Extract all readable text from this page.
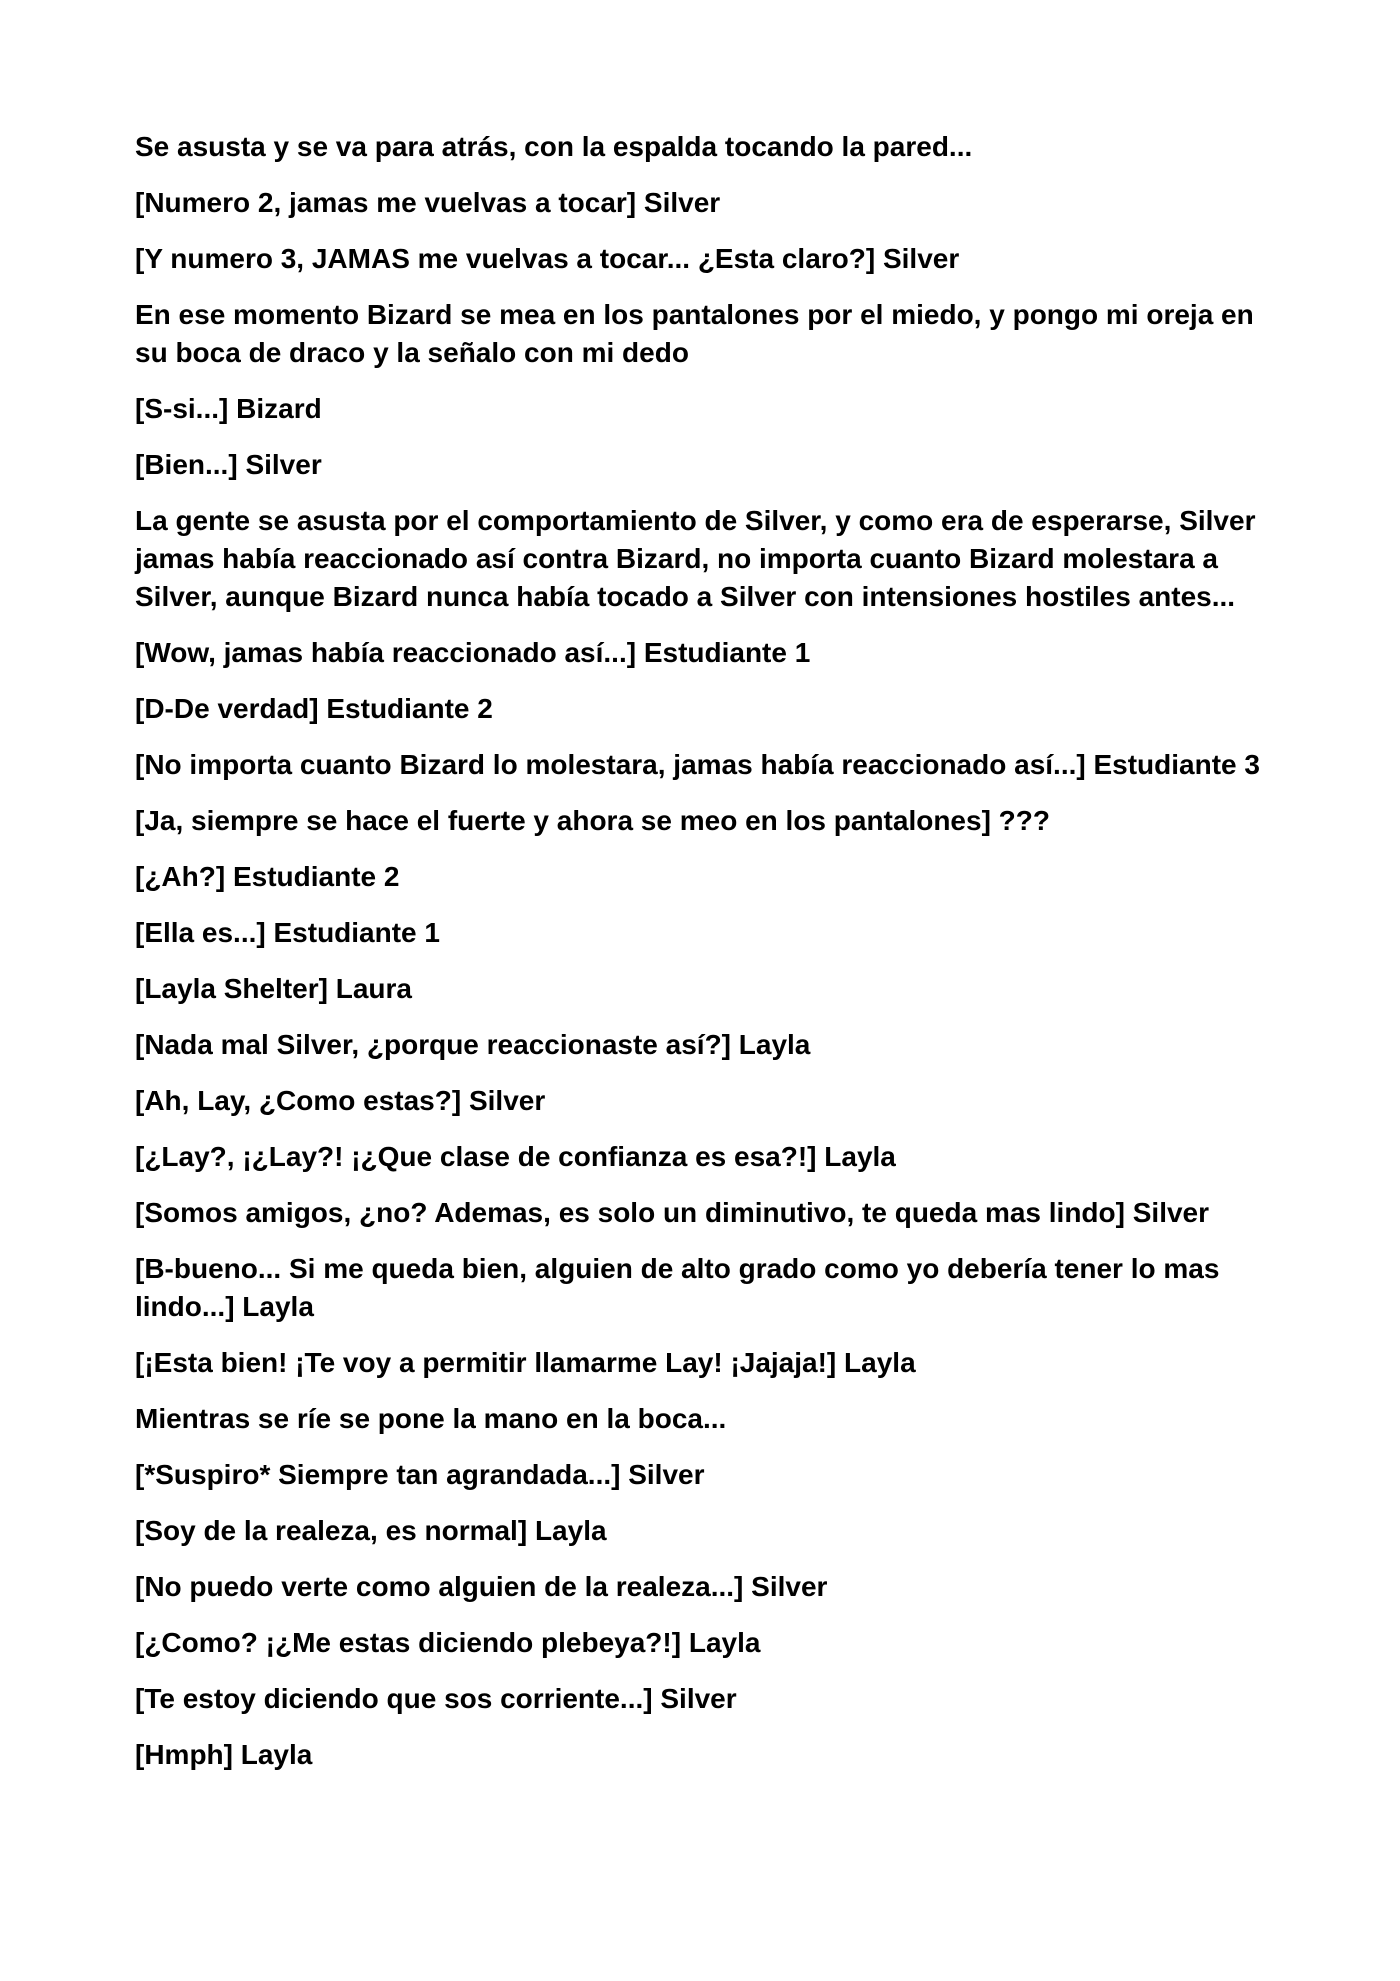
Se asusta y se va para atrás, con la espalda tocando la pared...

[Numero 2, jamas me vuelvas a tocar] Silver

[Y numero 3, JAMAS me vuelvas a tocar... ¿Esta claro?] Silver

En ese momento Bizard se mea en los pantalones por el miedo, y pongo mi oreja en su boca de draco y la señalo con mi dedo

[S-si...] Bizard

[Bien...] Silver

La gente se asusta por el comportamiento de Silver, y como era de esperarse, Silver jamas había reaccionado así contra Bizard, no importa cuanto Bizard molestara a Silver, aunque Bizard nunca había tocado a Silver con intensiones hostiles antes...

[Wow, jamas había reaccionado así...] Estudiante 1

[D-De verdad] Estudiante 2

[No importa cuanto Bizard lo molestara, jamas había reaccionado así...] Estudiante 3

[Ja, siempre se hace el fuerte y ahora se meo en los pantalones] ???

[¿Ah?] Estudiante 2

[Ella es...] Estudiante 1

[Layla Shelter] Laura

[Nada mal Silver, ¿porque reaccionaste así?] Layla

[Ah, Lay, ¿Como estas?] Silver

[¿Lay?, ¡¿Lay?! ¡¿Que clase de confianza es esa?!] Layla

[Somos amigos, ¿no? Ademas, es solo un diminutivo, te queda mas lindo] Silver

[B-bueno... Si me queda bien, alguien de alto grado como yo debería tener lo mas lindo...] Layla

[¡Esta bien! ¡Te voy a permitir llamarme Lay! ¡Jajaja!] Layla

Mientras se ríe se pone la mano en la boca...

[*Suspiro* Siempre tan agrandada...] Silver

[Soy de la realeza, es normal] Layla

[No puedo verte como alguien de la realeza...] Silver

[¿Como? ¡¿Me estas diciendo plebeya?!] Layla

[Te estoy diciendo que sos corriente...] Silver

[Hmph] Layla
